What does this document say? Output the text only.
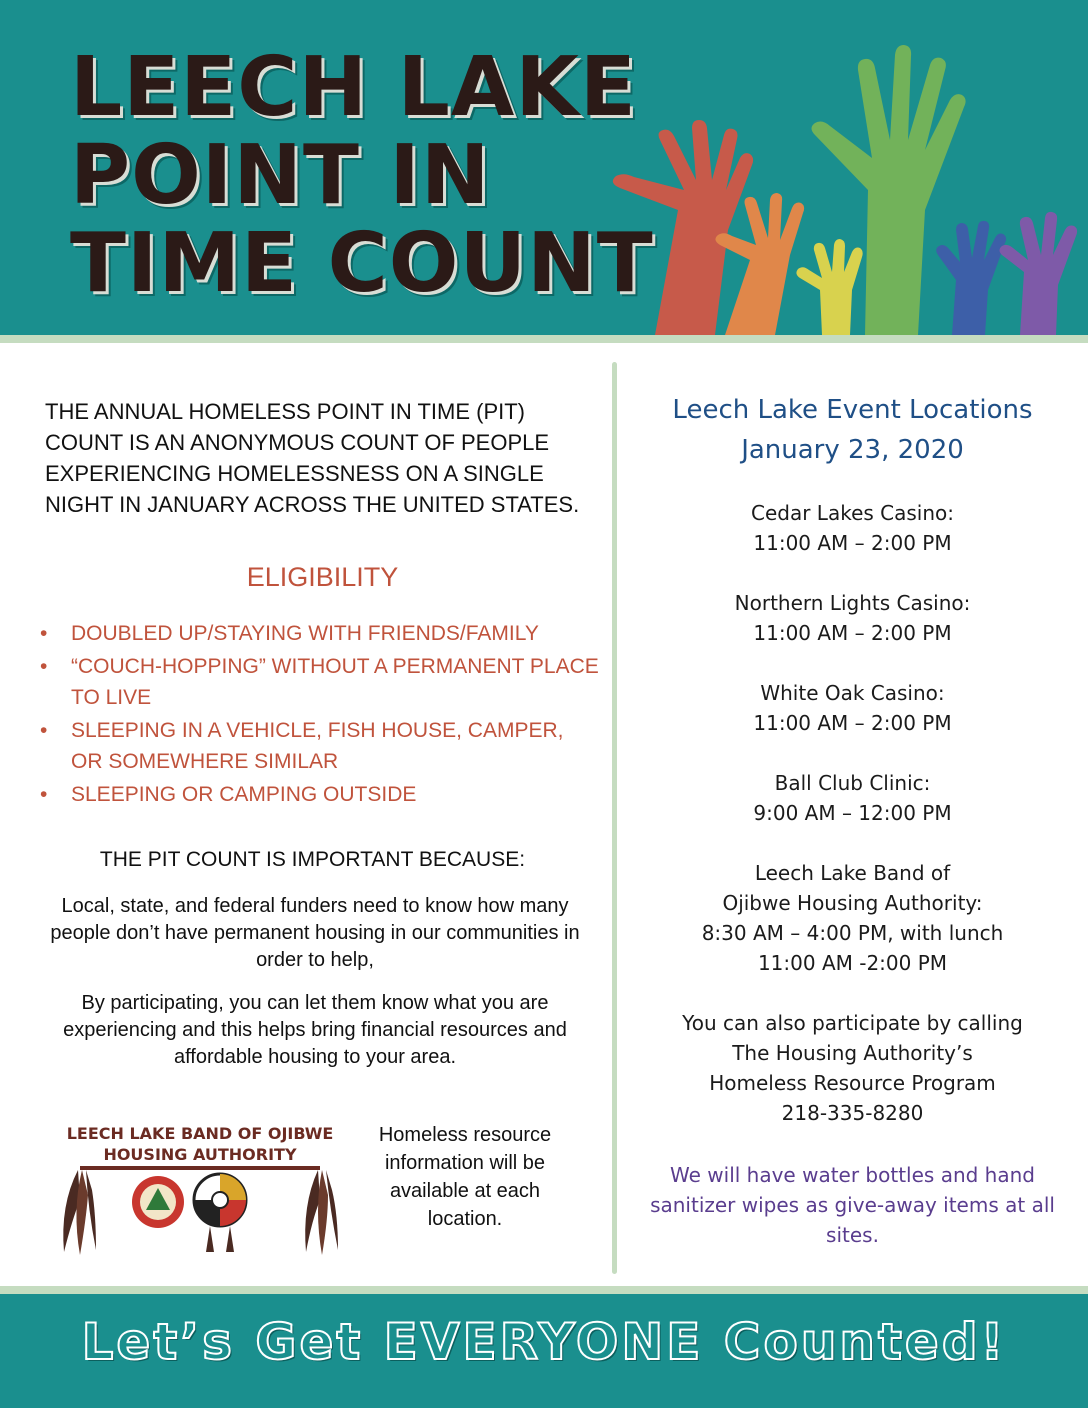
LEECH LAKE
POINT IN
TIME COUNT

THE ANNUAL HOMELESS POINT IN TIME (PIT) COUNT IS AN ANONYMOUS COUNT OF PEOPLE EXPERIENCING HOMELESSNESS ON A SINGLE NIGHT IN JANUARY ACROSS THE UNITED STATES.

ELIGIBILITY
•	DOUBLED UP/STAYING WITH FRIENDS/FAMILY
•	“COUCH-HOPPING” WITHOUT A PERMANENT PLACE TO LIVE
•	SLEEPING IN A VEHICLE, FISH HOUSE, CAMPER, OR SOMEWHERE SIMILAR
•	SLEEPING OR CAMPING OUTSIDE
THE PIT COUNT IS IMPORTANT BECAUSE:

Local, state, and federal funders need to know how many people don’t have permanent housing in our communities in order to help,

By participating, you can let them know what you are experiencing and this helps bring financial resources and affordable housing to your area.

LEECH LAKE BAND OF OJIBWE
HOUSING AUTHORITY

Homeless resource information will be available at each location.

Leech Lake Event Locations
January 23, 2020
Cedar Lakes Casino:
11:00 AM – 2:00 PM
Northern Lights Casino:
11:00 AM – 2:00 PM
White Oak Casino:
11:00 AM – 2:00 PM
Ball Club Clinic:
9:00 AM – 12:00 PM
Leech Lake Band of
Ojibwe Housing Authority:
8:30 AM – 4:00 PM, with lunch
11:00 AM -2:00 PM
You can also participate by calling
The Housing Authority’s
Homeless Resource Program
218-335-8280
We will have water bottles and hand sanitizer wipes as give-away items at all sites.

Let’s Get EVERYONE Counted!
